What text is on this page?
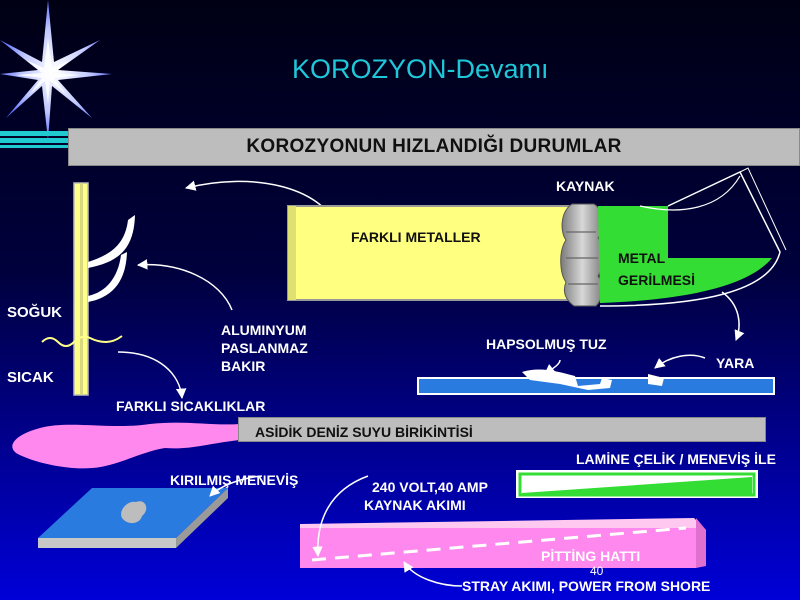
KOROZYON-Devamı
KOROZYONUN HIZLANDIĞI DURUMLAR
FARKLI METALLER
KAYNAK
METAL
GERİLMESİ
SOĞUK
SICAK
ALUMINYUM
PASLANMAZ
BAKIR
HAPSOLMUŞ TUZ
YARA
FARKLI SICAKLIKLAR
ASİDİK DENİZ SUYU BİRİKİNTİSİ
LAMİNE ÇELİK / MENEVİŞ İLE
KIRILMIŞ MENEVİŞ	240 VOLT,40 AMP
KAYNAK AKIMI
PİTTİNG HATTI
40
STRAY AKIMI, POWER FROM SHORE
